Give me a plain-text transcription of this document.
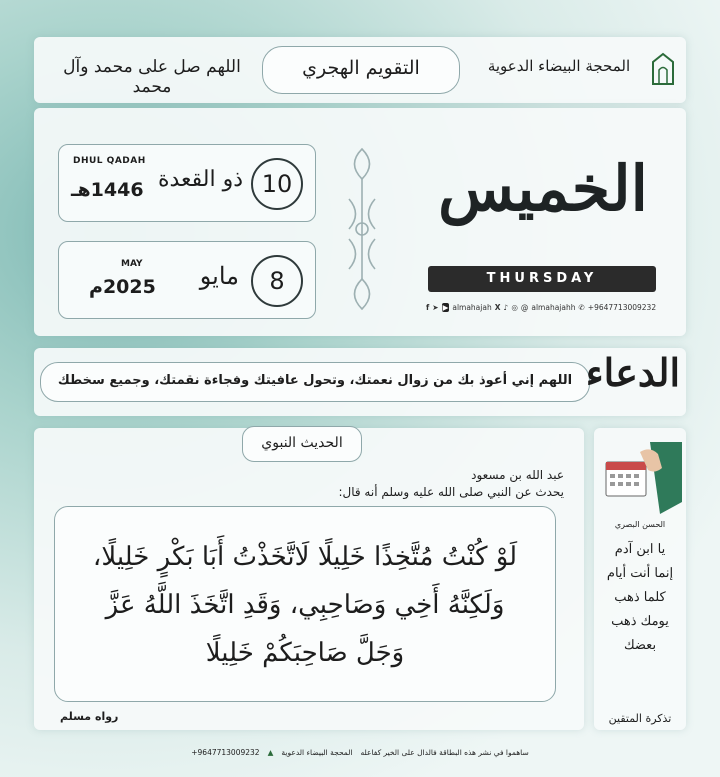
اللهم صل على محمد وآل محمد
التقويم الهجري	المحجة البيضاء الدعوية
10
DHUL QADAH
1446هـ ذو القعدة
8
MAY
2025م مايو
الخميس
THURSDAY
f ➤ ▶ almahajah X ♪ ◎ @ almahajahh ✆ +9647713009232
اللهم إني أعوذ بك من زوال نعمتك، وتحول عافيتك وفجاءة نقمتك، وجميع سخطك الدعاء
الحديث النبوي
عبد الله بن مسعود
يحدث عن النبي صلى الله عليه وسلم أنه قال:
لَوْ كُنْتُ مُتَّخِذًا خَلِيلًا لَاتَّخَذْتُ أَبَا بَكْرٍ خَلِيلًا، وَلَكِنَّهُ أَخِي وَصَاحِبِي، وَقَدِ اتَّخَذَ اللَّهُ عَزَّ وَجَلَّ صَاحِبَكُمْ خَلِيلًا
رواه مسلم
الحسن البصري
يا ابن آدم
إنما أنت أيام
كلما ذهب
يومك ذهب
بعضك
تذكرة المتقين
+9647713009232 ▲ المحجة البيضاء الدعوية ساهموا في نشر هذه البطاقة فالدال على الخير كفاعله
